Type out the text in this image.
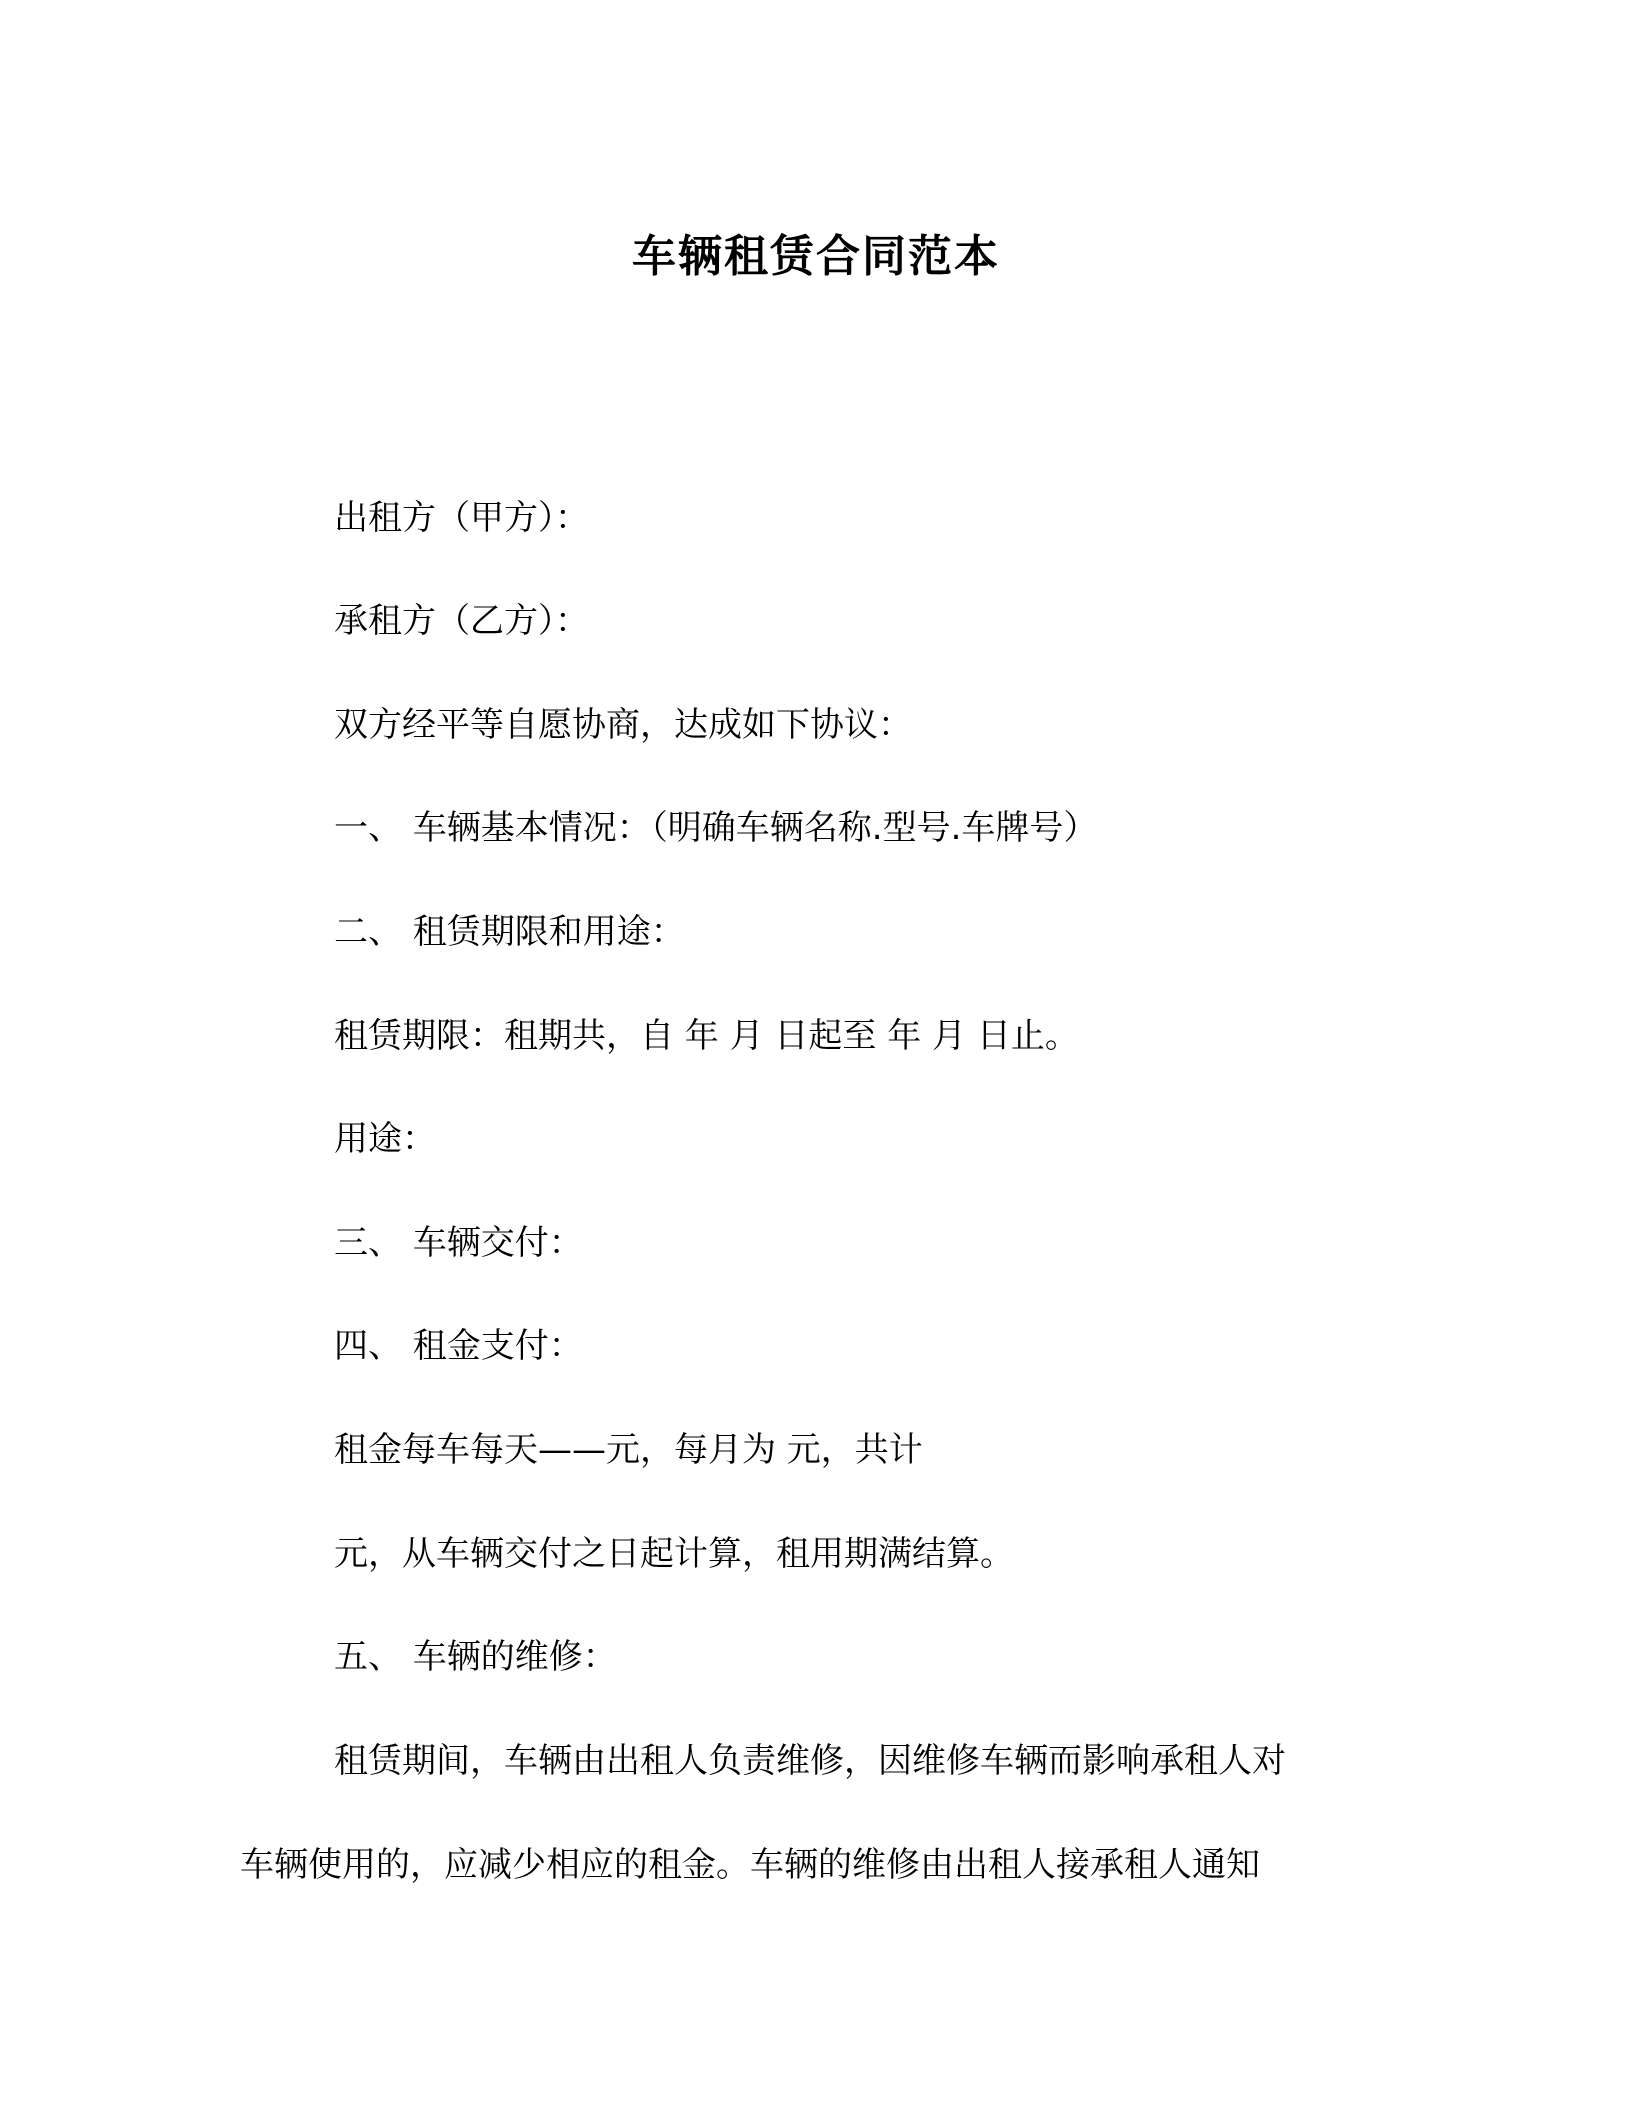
车辆租赁合同范本
出租方（甲方）：
承租方（乙方）：
双方经平等自愿协商，达成如下协议：
一、 车辆基本情况：（明确车辆名称.型号.车牌号）
二、 租赁期限和用途：
租赁期限：租期共，自 年 月 日起至 年 月 日止。
用途：
三、 车辆交付：
四、 租金支付：
租金每车每天——元，每月为 元，共计
元，从车辆交付之日起计算，租用期满结算。
五、 车辆的维修：
租赁期间，车辆由出租人负责维修，因维修车辆而影响承租人对
车辆使用的，应减少相应的租金。车辆的维修由出租人接承租人通知
